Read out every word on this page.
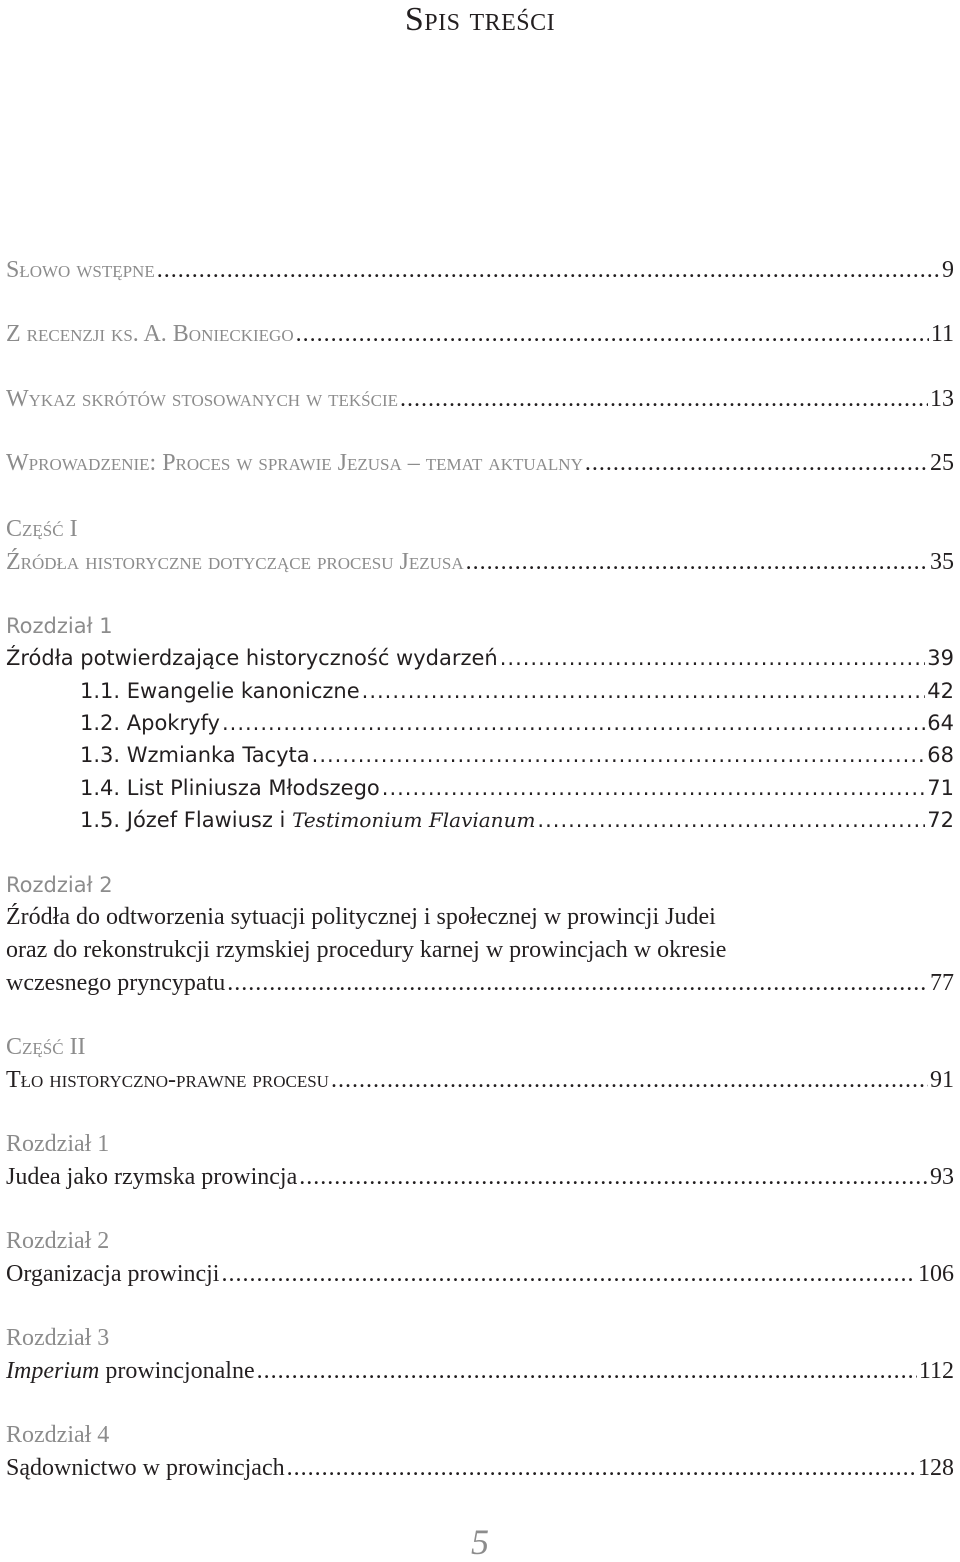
Spis treści
Słowo wstępne .....	9
Z recenzji ks. A. Bonieckiego .....	11
Wykaz skrótów stosowanych w tekście .....	13
Wprowadzenie: Proces w sprawie Jezusa – temat aktualny .....	25
Część I
Źródła historyczne dotyczące procesu Jezusa .....	35
Rozdział 1
Źródła potwierdzające historyczność wydarzeń .....	39
1.1. Ewangelie kanoniczne .....	42
1.2. Apokryfy .....	64
1.3. Wzmianka Tacyta .....	68
1.4. List Pliniusza Młodszego .....	71
1.5. Józef Flawiusz i Testimonium Flavianum .....	72
Rozdział 2
Źródła do odtworzenia sytuacji politycznej i społecznej w prowincji Judei
oraz do rekonstrukcji rzymskiej procedury karnej w prowincjach w okresie
wczesnego pryncypatu .....	77
Część II
Tło historyczno-prawne procesu .....	91
Rozdział 1
Judea jako rzymska prowincja .....	93
Rozdział 2
Organizacja prowincji .....	106
Rozdział 3
Imperium prowincjonalne .....	112
Rozdział 4
Sądownictwo w prowincjach .....	128
5
